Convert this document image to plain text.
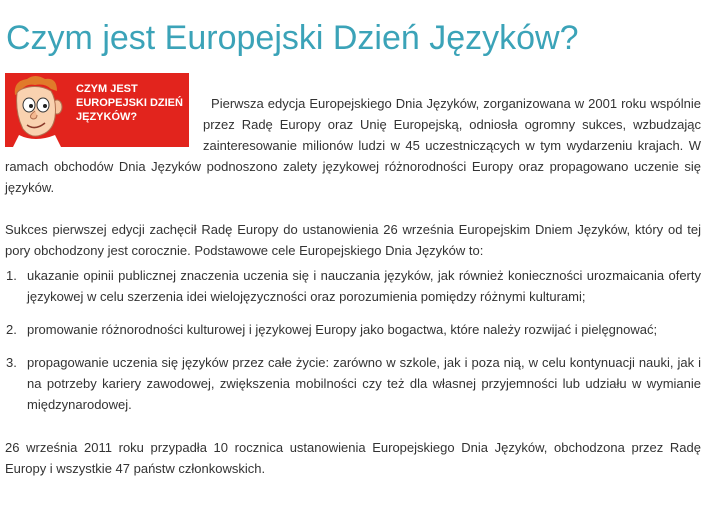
Czym jest Europejski Dzień Języków?
CZYM JEST EUROPEJSKI DZIEŃ JĘZYKÓW?

Pierwsza edycja Europejskiego Dnia Języków, zorganizowana w 2001 roku wspólnie przez Radę Europy oraz Unię Europejską, odniosła ogromny sukces, wzbudzając zainteresowanie milionów ludzi w 45 uczestniczących w tym wydarzeniu krajach. W ramach obchodów Dnia Języków podnoszono zalety językowej różnorodności Europy oraz propagowano uczenie się języków.

Sukces pierwszej edycji zachęcił Radę Europy do ustanowienia 26 września Europejskim Dniem Języków, który od tej pory obchodzony jest corocznie. Podstawowe cele Europejskiego Dnia Języków to:

1. ukazanie opinii publicznej znaczenia uczenia się i nauczania języków, jak również konieczności urozmaicania oferty językowej w celu szerzenia idei wielojęzyczności oraz porozumienia pomiędzy różnymi kulturami;
2. promowanie różnorodności kulturowej i językowej Europy jako bogactwa, które należy rozwijać i pielęgnować;
3. propagowanie uczenia się języków przez całe życie: zarówno w szkole, jak i poza nią, w celu kontynuacji nauki, jak i na potrzeby kariery zawodowej, zwiększenia mobilności czy też dla własnej przyjemności lub udziału w wymianie międzynarodowej.

26 września 2011 roku przypadła 10 rocznica ustanowienia Europejskiego Dnia Języków, obchodzona przez Radę Europy i wszystkie 47 państw członkowskich.
